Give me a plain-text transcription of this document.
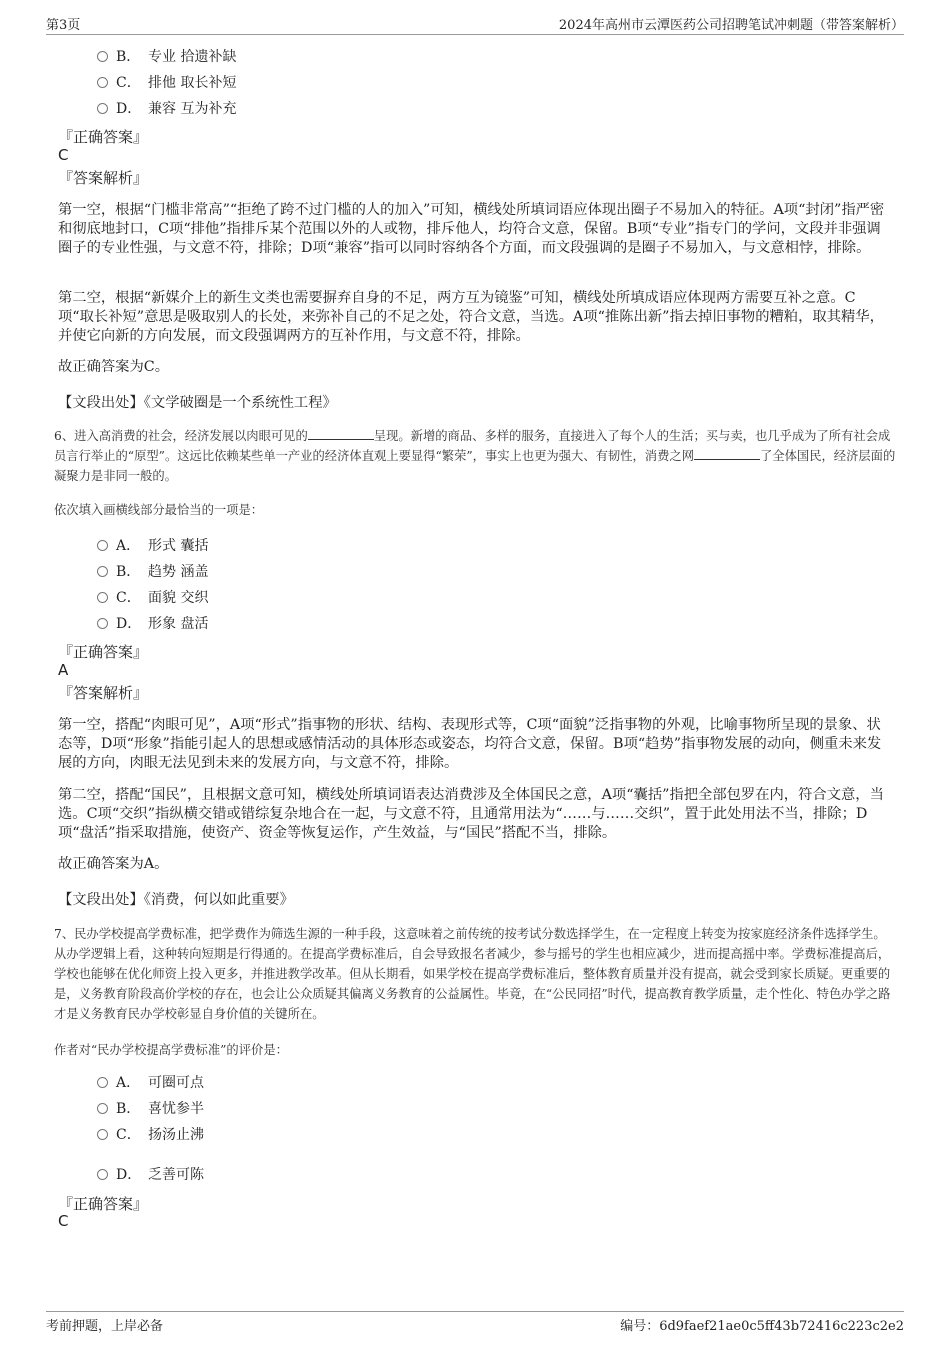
第3页	2024年高州市云潭医药公司招聘笔试冲刺题（带答案解析）
B． 专业 拾遗补缺
C． 排他 取长补短
D． 兼容 互为补充
『正确答案』
C
『答案解析』
第一空，根据“门槛非常高”“拒绝了跨不过门槛的人的加入”可知，横线处所填词语应体现出圈子不易加入的特征。A项“封闭”指严密和彻底地封口，C项“排他”指排斥某个范围以外的人或物，排斥他人，均符合文意，保留。B项“专业”指专门的学问，文段并非强调圈子的专业性强，与文意不符，排除；D项“兼容”指可以同时容纳各个方面，而文段强调的是圈子不易加入，与文意相悖，排除。
第二空，根据“新媒介上的新生文类也需要摒弃自身的不足，两方互为镜鉴”可知，横线处所填成语应体现两方需要互补之意。C项“取长补短”意思是吸取别人的长处，来弥补自己的不足之处，符合文意，当选。A项“推陈出新”指去掉旧事物的糟粕，取其精华，并使它向新的方向发展，而文段强调两方的互补作用，与文意不符，排除。
故正确答案为C。
【文段出处】《文学破圈是一个系统性工程》
6、进入高消费的社会，经济发展以肉眼可见的	呈现。新增的商品、多样的服务，直接进入了每个人的生活；买与卖，也几乎成为了所有社会成员言行举止的“原型”。这远比依赖某些单一产业的经济体直观上要显得“繁荣”，事实上也更为强大、有韧性，消费之网	了全体国民，经济层面的凝聚力是非同一般的。
依次填入画横线部分最恰当的一项是：
A． 形式 囊括
B． 趋势 涵盖
C． 面貌 交织
D． 形象 盘活
『正确答案』
A
『答案解析』
第一空，搭配“肉眼可见”，A项“形式”指事物的形状、结构、表现形式等，C项“面貌”泛指事物的外观，比喻事物所呈现的景象、状态等，D项“形象”指能引起人的思想或感情活动的具体形态或姿态，均符合文意，保留。B项“趋势”指事物发展的动向，侧重未来发展的方向，肉眼无法见到未来的发展方向，与文意不符，排除。
第二空，搭配“国民”，且根据文意可知，横线处所填词语表达消费涉及全体国民之意，A项“囊括”指把全部包罗在内，符合文意，当选。C项“交织”指纵横交错或错综复杂地合在一起，与文意不符，且通常用法为“……与……交织”，置于此处用法不当，排除；D项“盘活”指采取措施，使资产、资金等恢复运作，产生效益，与“国民”搭配不当，排除。
故正确答案为A。
【文段出处】《消费，何以如此重要》
7、民办学校提高学费标准，把学费作为筛选生源的一种手段，这意味着之前传统的按考试分数选择学生，在一定程度上转变为按家庭经济条件选择学生。从办学逻辑上看，这种转向短期是行得通的。在提高学费标准后，自会导致报名者减少，参与摇号的学生也相应减少，进而提高摇中率。学费标准提高后，学校也能够在优化师资上投入更多，并推进教学改革。但从长期看，如果学校在提高学费标准后，整体教育质量并没有提高，就会受到家长质疑。更重要的是，义务教育阶段高价学校的存在，也会让公众质疑其偏离义务教育的公益属性。毕竟，在“公民同招”时代，提高教育教学质量，走个性化、特色办学之路才是义务教育民办学校彰显自身价值的关键所在。
作者对“民办学校提高学费标准”的评价是：
A． 可圈可点
B． 喜忧参半
C． 扬汤止沸
D． 乏善可陈
『正确答案』
C
考前押题，上岸必备	编号：6d9faef21ae0c5ff43b72416c223c2e2
